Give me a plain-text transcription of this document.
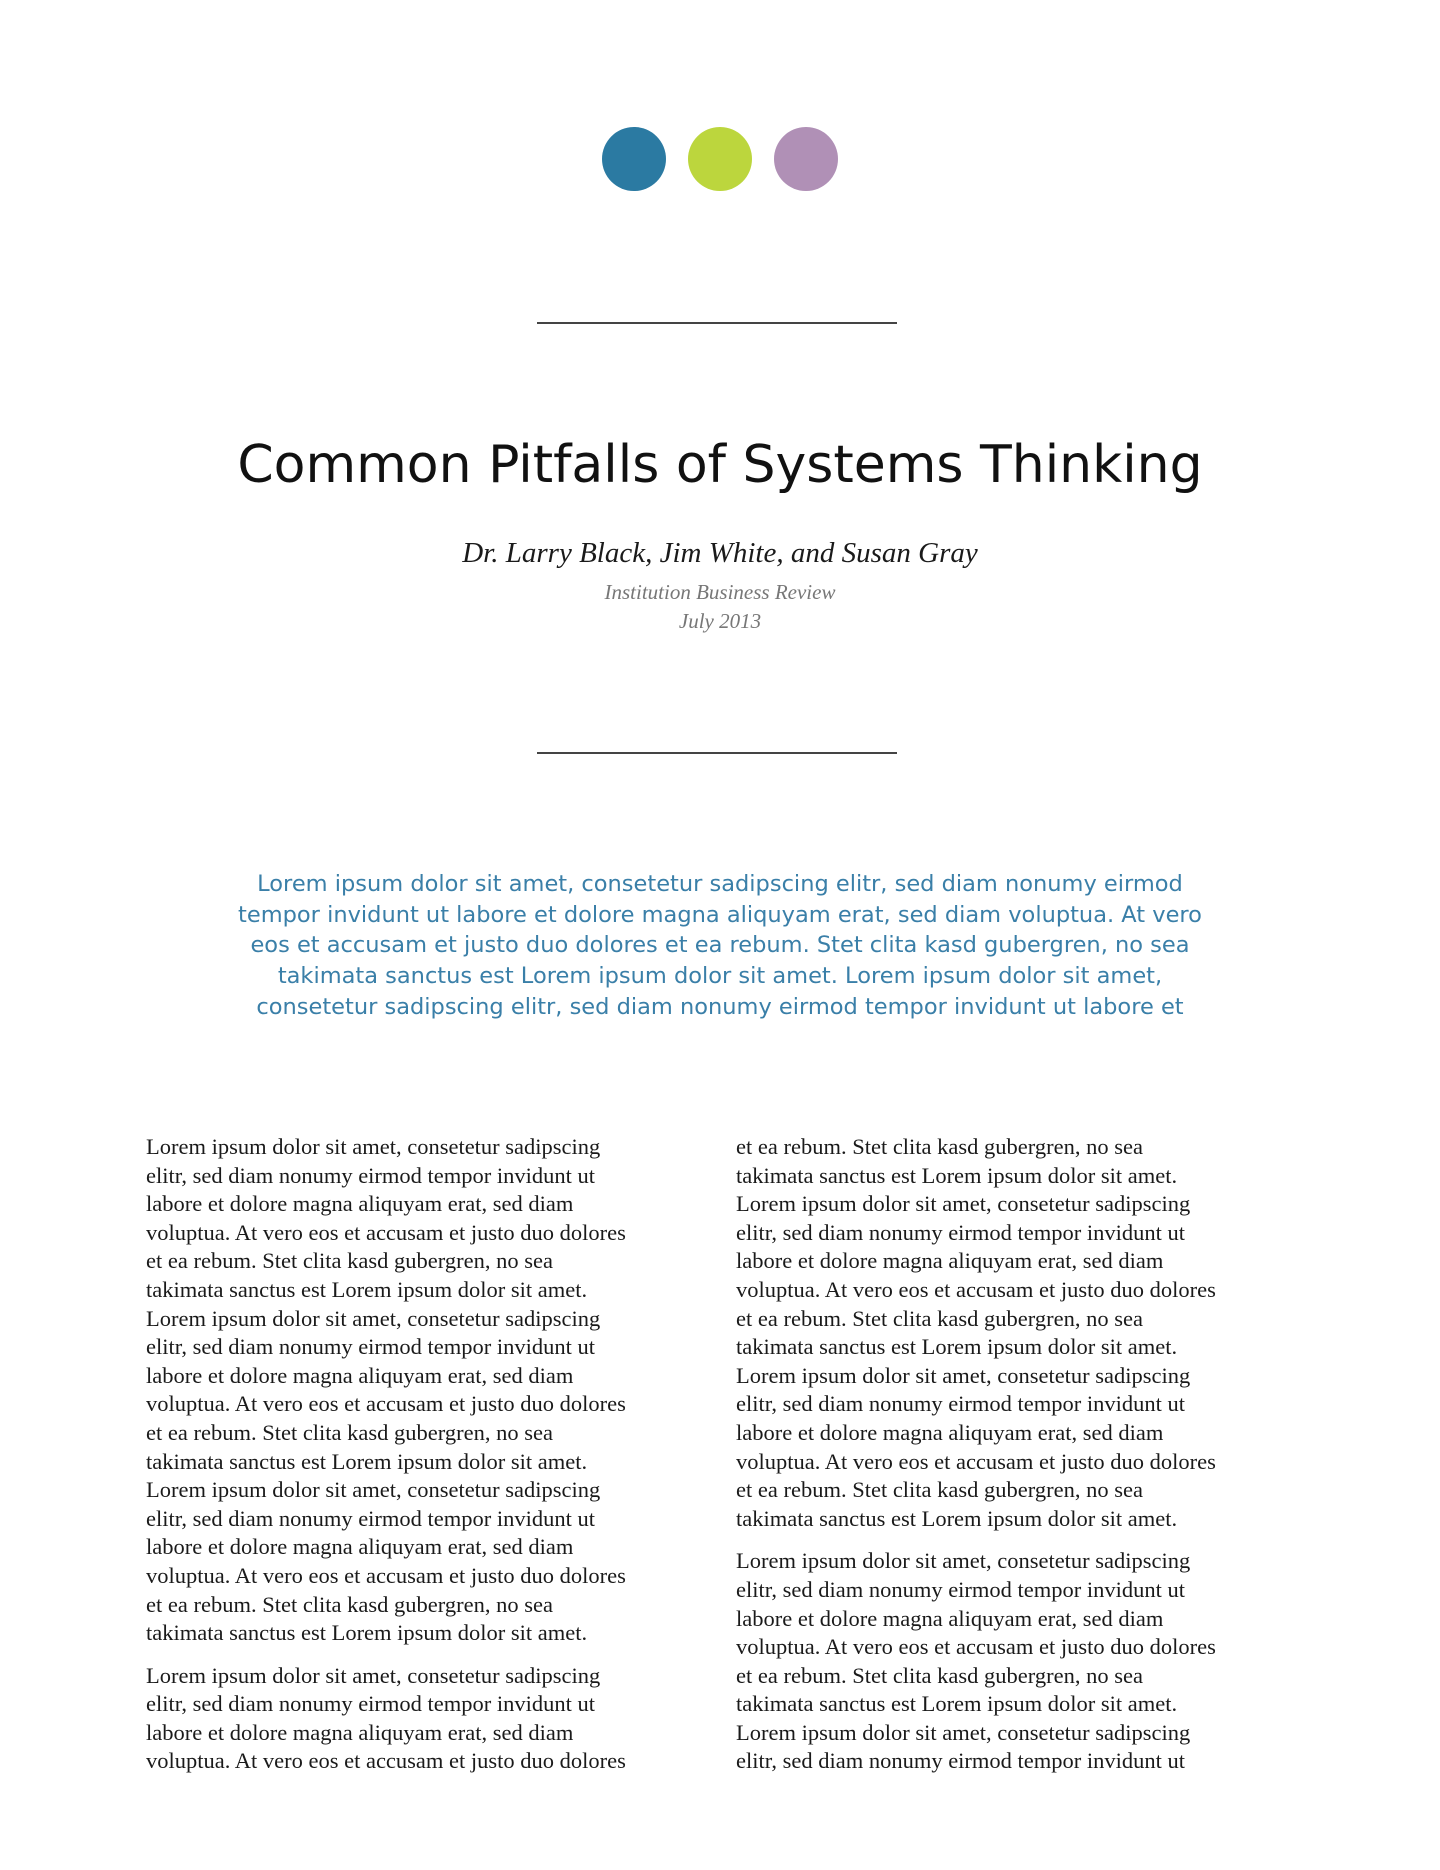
Common Pitfalls of Systems Thinking
Dr. Larry Black, Jim White, and Susan Gray
Institution Business Review
July 2013

Lorem ipsum dolor sit amet, consetetur sadipscing elitr, sed diam nonumy eirmod tempor invidunt ut labore et dolore magna aliquyam erat, sed diam voluptua. At vero eos et accusam et justo duo dolores et ea rebum. Stet clita kasd gubergren, no sea takimata sanctus est Lorem ipsum dolor sit amet. Lorem ipsum dolor sit amet, consetetur sadipscing elitr, sed diam nonumy eirmod tempor invidunt ut labore et

Lorem ipsum dolor sit amet, consetetur sadipscing
elitr, sed diam nonumy eirmod tempor invidunt ut
labore et dolore magna aliquyam erat, sed diam
voluptua. At vero eos et accusam et justo duo dolores
et ea rebum. Stet clita kasd gubergren, no sea
takimata sanctus est Lorem ipsum dolor sit amet.
Lorem ipsum dolor sit amet, consetetur sadipscing
elitr, sed diam nonumy eirmod tempor invidunt ut
labore et dolore magna aliquyam erat, sed diam
voluptua. At vero eos et accusam et justo duo dolores
et ea rebum. Stet clita kasd gubergren, no sea
takimata sanctus est Lorem ipsum dolor sit amet.
Lorem ipsum dolor sit amet, consetetur sadipscing
elitr, sed diam nonumy eirmod tempor invidunt ut
labore et dolore magna aliquyam erat, sed diam
voluptua. At vero eos et accusam et justo duo dolores
et ea rebum. Stet clita kasd gubergren, no sea
takimata sanctus est Lorem ipsum dolor sit amet.

Lorem ipsum dolor sit amet, consetetur sadipscing
elitr, sed diam nonumy eirmod tempor invidunt ut
labore et dolore magna aliquyam erat, sed diam
voluptua. At vero eos et accusam et justo duo dolores

et ea rebum. Stet clita kasd gubergren, no sea
takimata sanctus est Lorem ipsum dolor sit amet.
Lorem ipsum dolor sit amet, consetetur sadipscing
elitr, sed diam nonumy eirmod tempor invidunt ut
labore et dolore magna aliquyam erat, sed diam
voluptua. At vero eos et accusam et justo duo dolores
et ea rebum. Stet clita kasd gubergren, no sea
takimata sanctus est Lorem ipsum dolor sit amet.
Lorem ipsum dolor sit amet, consetetur sadipscing
elitr, sed diam nonumy eirmod tempor invidunt ut
labore et dolore magna aliquyam erat, sed diam
voluptua. At vero eos et accusam et justo duo dolores
et ea rebum. Stet clita kasd gubergren, no sea
takimata sanctus est Lorem ipsum dolor sit amet.

Lorem ipsum dolor sit amet, consetetur sadipscing
elitr, sed diam nonumy eirmod tempor invidunt ut
labore et dolore magna aliquyam erat, sed diam
voluptua. At vero eos et accusam et justo duo dolores
et ea rebum. Stet clita kasd gubergren, no sea
takimata sanctus est Lorem ipsum dolor sit amet.
Lorem ipsum dolor sit amet, consetetur sadipscing
elitr, sed diam nonumy eirmod tempor invidunt ut
